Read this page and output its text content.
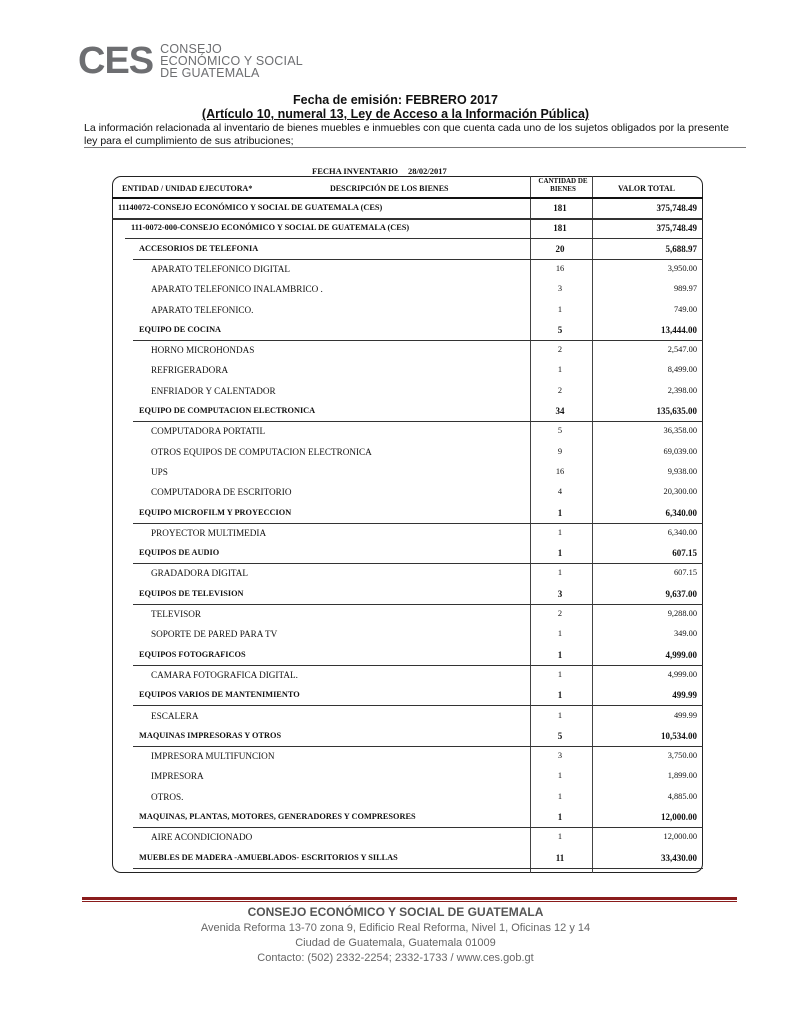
CES CONSEJO
ECONÓMICO Y SOCIAL
DE GUATEMALA
Fecha de emisión: FEBRERO 2017
(Artículo 10, numeral 13, Ley de Acceso a la Información Pública)
La información relacionada al inventario de bienes muebles e inmuebles con que cuenta cada uno de los sujetos obligados por la presente ley para el cumplimiento de sus atribuciones;
FECHA INVENTARIO 28/02/2017
ENTIDAD / UNIDAD EJECUTORA*	DESCRIPCIÓN DE LOS BIENES
CANTIDAD DE BIENES	VALOR TOTAL
11140072-CONSEJO ECONÓMICO Y SOCIAL DE GUATEMALA (CES)	181	375,748.49
111-0072-000-CONSEJO ECONÓMICO Y SOCIAL DE GUATEMALA (CES)	181	375,748.49
ACCESORIOS DE TELEFONIA	20	5,688.97
APARATO TELEFONICO DIGITAL	16	3,950.00
APARATO TELEFONICO INALAMBRICO .	3	989.97
APARATO TELEFONICO.	1	749.00
EQUIPO DE COCINA	5	13,444.00
HORNO MICROHONDAS	2	2,547.00
REFRIGERADORA	1	8,499.00
ENFRIADOR Y CALENTADOR	2	2,398.00
EQUIPO DE COMPUTACION ELECTRONICA	34	135,635.00
COMPUTADORA PORTATIL	5	36,358.00
OTROS EQUIPOS DE COMPUTACION ELECTRONICA	9	69,039.00
UPS	16	9,938.00
COMPUTADORA DE ESCRITORIO	4	20,300.00
EQUIPO MICROFILM Y PROYECCION	1	6,340.00
PROYECTOR MULTIMEDIA	1	6,340.00
EQUIPOS DE AUDIO	1	607.15
GRADADORA DIGITAL	1	607.15
EQUIPOS DE TELEVISION	3	9,637.00
TELEVISOR	2	9,288.00
SOPORTE DE PARED PARA TV	1	349.00
EQUIPOS FOTOGRAFICOS	1	4,999.00
CAMARA FOTOGRAFICA DIGITAL.	1	4,999.00
EQUIPOS VARIOS DE MANTENIMIENTO	1	499.99
ESCALERA	1	499.99
MAQUINAS IMPRESORAS Y OTROS	5	10,534.00
IMPRESORA MULTIFUNCION	3	3,750.00
IMPRESORA	1	1,899.00
OTROS.	1	4,885.00
MAQUINAS, PLANTAS, MOTORES, GENERADORES Y COMPRESORES	1	12,000.00
AIRE ACONDICIONADO	1	12,000.00
MUEBLES DE MADERA -AMUEBLADOS- ESCRITORIOS Y SILLAS	11	33,430.00
CONSEJO ECONÓMICO Y SOCIAL DE GUATEMALA
Avenida Reforma 13-70 zona 9, Edificio Real Reforma, Nivel 1, Oficinas 12 y 14
Ciudad de Guatemala, Guatemala 01009
Contacto: (502) 2332-2254; 2332-1733 / www.ces.gob.gt
